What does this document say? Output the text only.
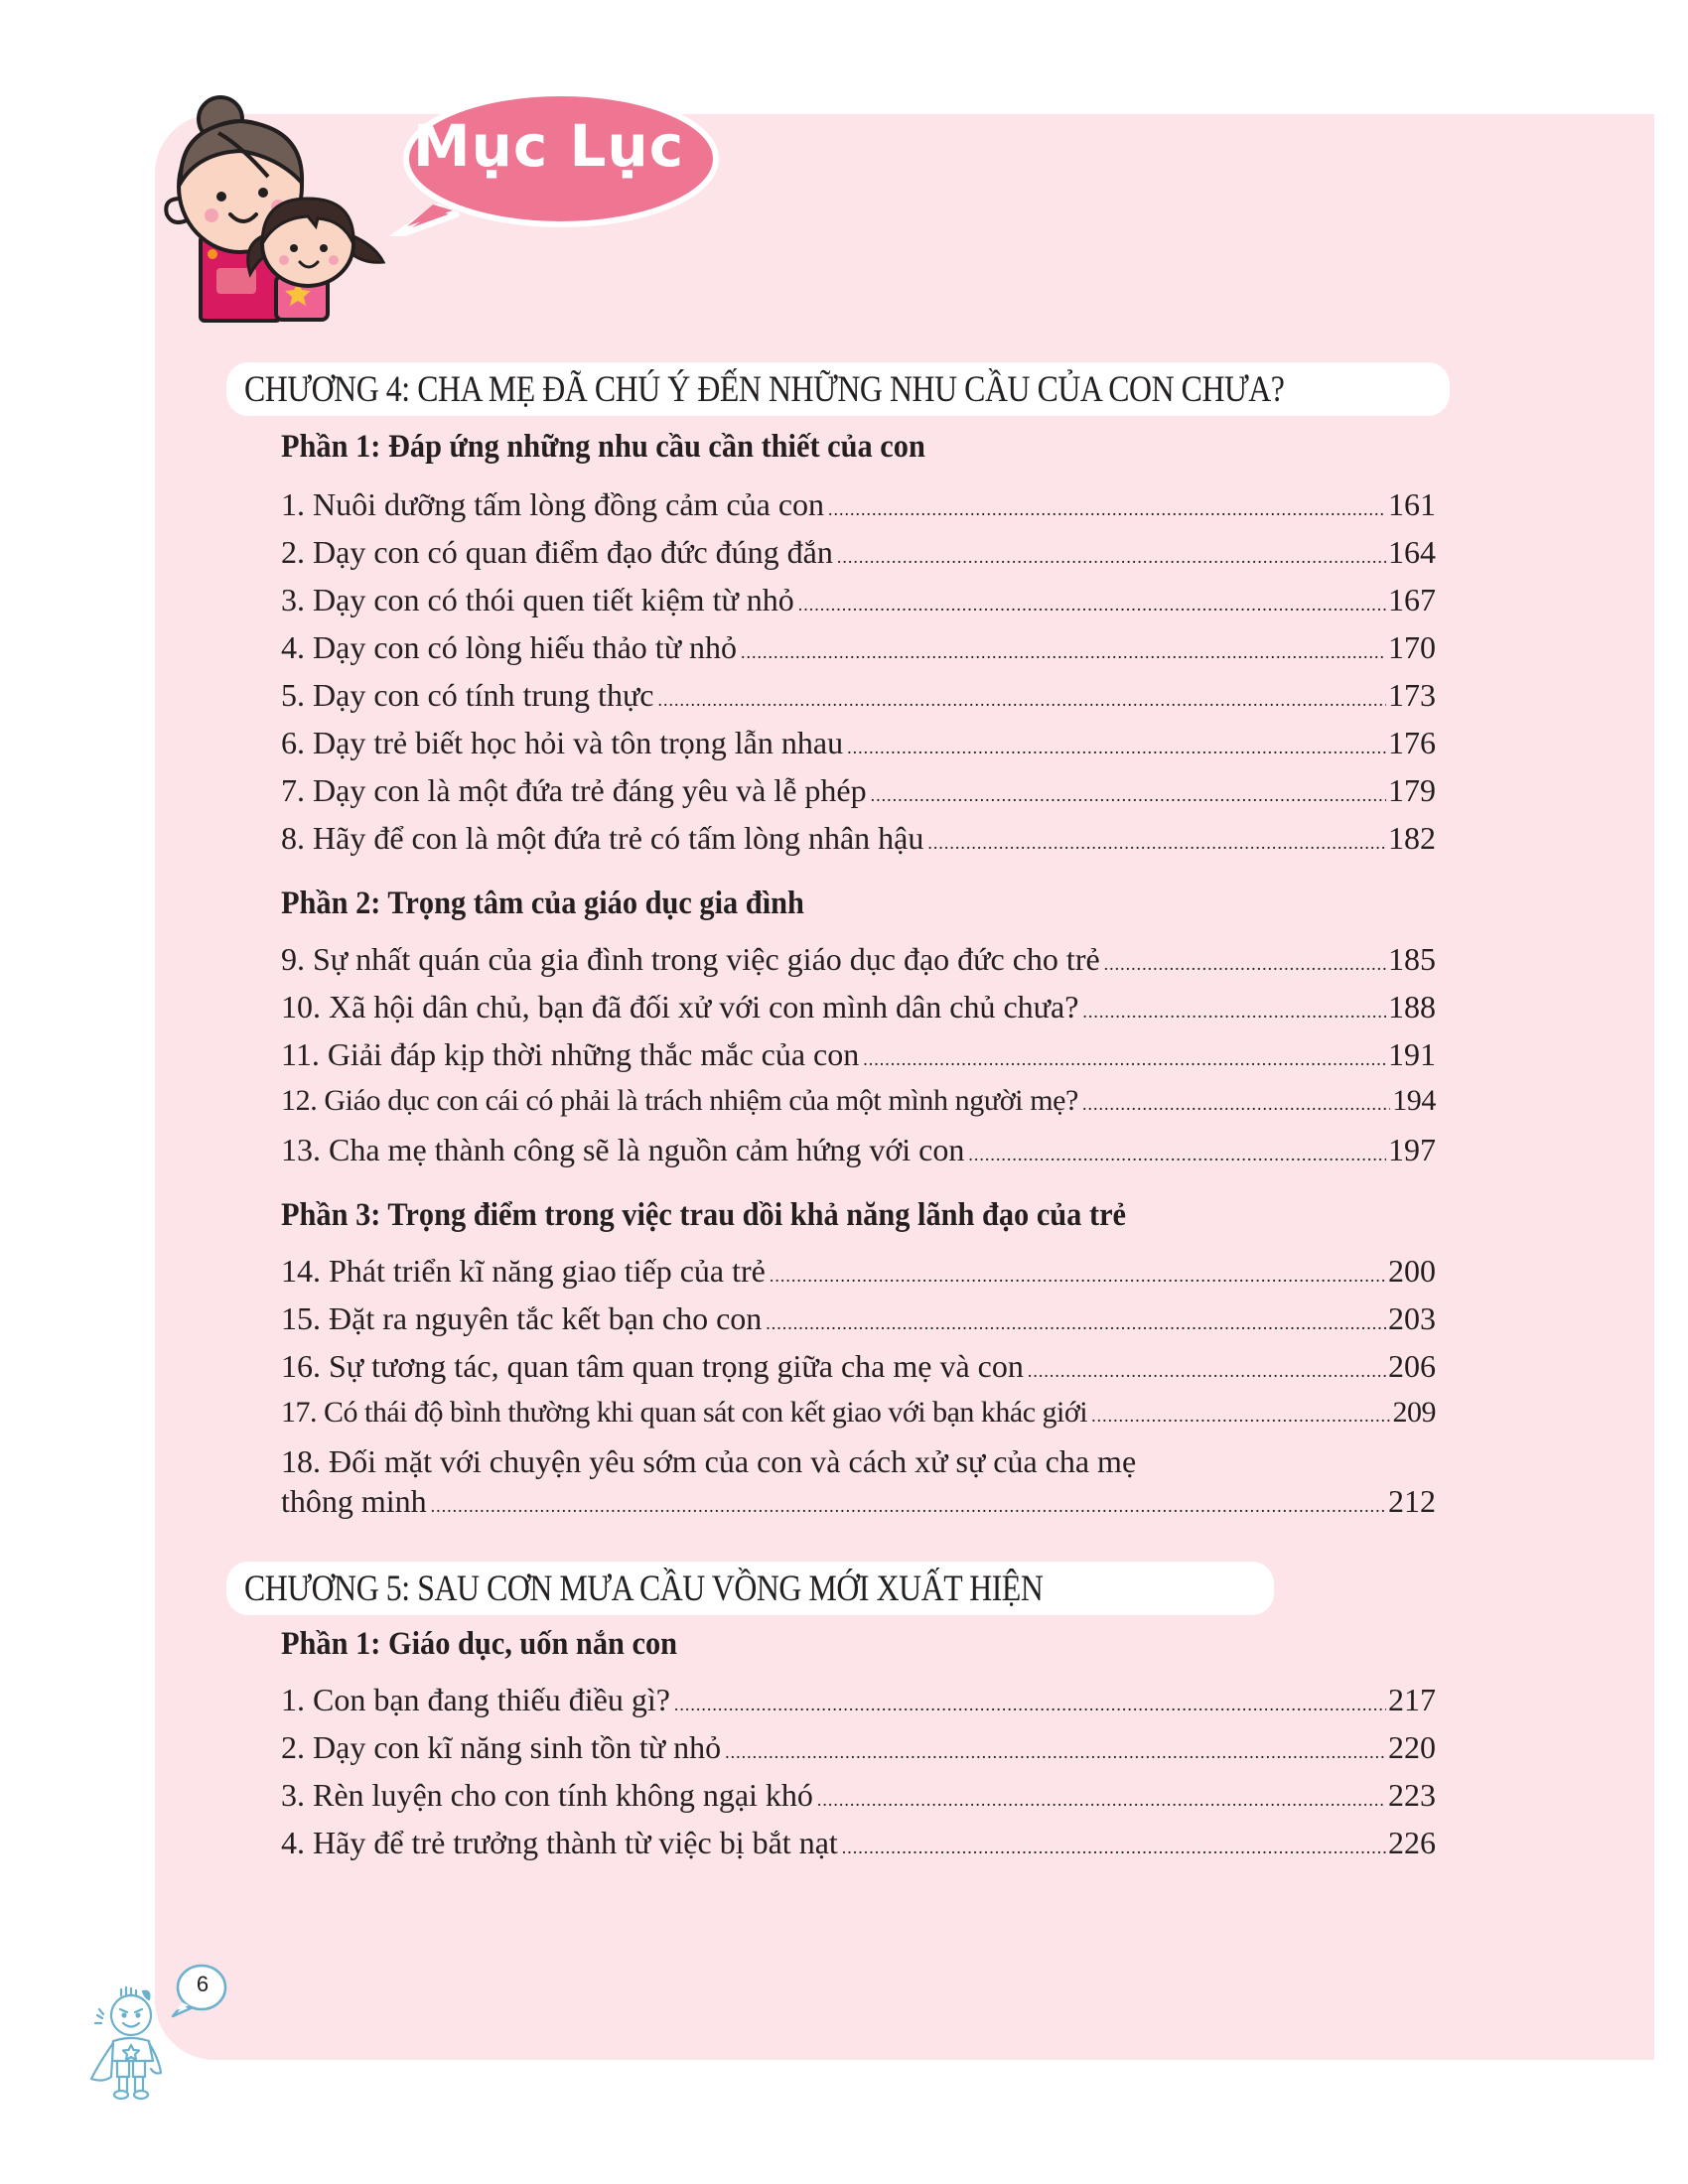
Mục Lục
CHƯƠNG 4: CHA MẸ ĐÃ CHÚ Ý ĐẾN NHỮNG NHU CẦU CỦA CON CHƯA?
Phần 1: Đáp ứng những nhu cầu cần thiết của con
1. Nuôi dưỡng tấm lòng đồng cảm của con .....	161
2. Dạy con có quan điểm đạo đức đúng đắn .....	164
3. Dạy con có thói quen tiết kiệm từ nhỏ .....	167
4. Dạy con có lòng hiếu thảo từ nhỏ .....	170
5. Dạy con có tính trung thực .....	173
6. Dạy trẻ biết học hỏi và tôn trọng lẫn nhau .....	176
7. Dạy con là một đứa trẻ đáng yêu và lễ phép .....	179
8. Hãy để con là một đứa trẻ có tấm lòng nhân hậu .....	182
Phần 2: Trọng tâm của giáo dục gia đình
9. Sự nhất quán của gia đình trong việc giáo dục đạo đức cho trẻ .....	185
10. Xã hội dân chủ, bạn đã đối xử với con mình dân chủ chưa? .....	188
11. Giải đáp kịp thời những thắc mắc của con .....	191
12. Giáo dục con cái có phải là trách nhiệm của một mình người mẹ? .....	194
13. Cha mẹ thành công sẽ là nguồn cảm hứng với con .....	197
Phần 3: Trọng điểm trong việc trau dồi khả năng lãnh đạo của trẻ
14. Phát triển kĩ năng giao tiếp của trẻ .....	200
15. Đặt ra nguyên tắc kết bạn cho con .....	203
16. Sự tương tác, quan tâm quan trọng giữa cha mẹ và con .....	206
17. Có thái độ bình thường khi quan sát con kết giao với bạn khác giới .....	209
18. Đối mặt với chuyện yêu sớm của con và cách xử sự của cha mẹ
thông minh .....	212
CHƯƠNG 5: SAU CƠN MƯA CẦU VỒNG MỚI XUẤT HIỆN
Phần 1: Giáo dục, uốn nắn con
1. Con bạn đang thiếu điều gì? .....	217
2. Dạy con kĩ năng sinh tồn từ nhỏ .....	220
3. Rèn luyện cho con tính không ngại khó .....	223
4. Hãy để trẻ trưởng thành từ việc bị bắt nạt .....	226
6
